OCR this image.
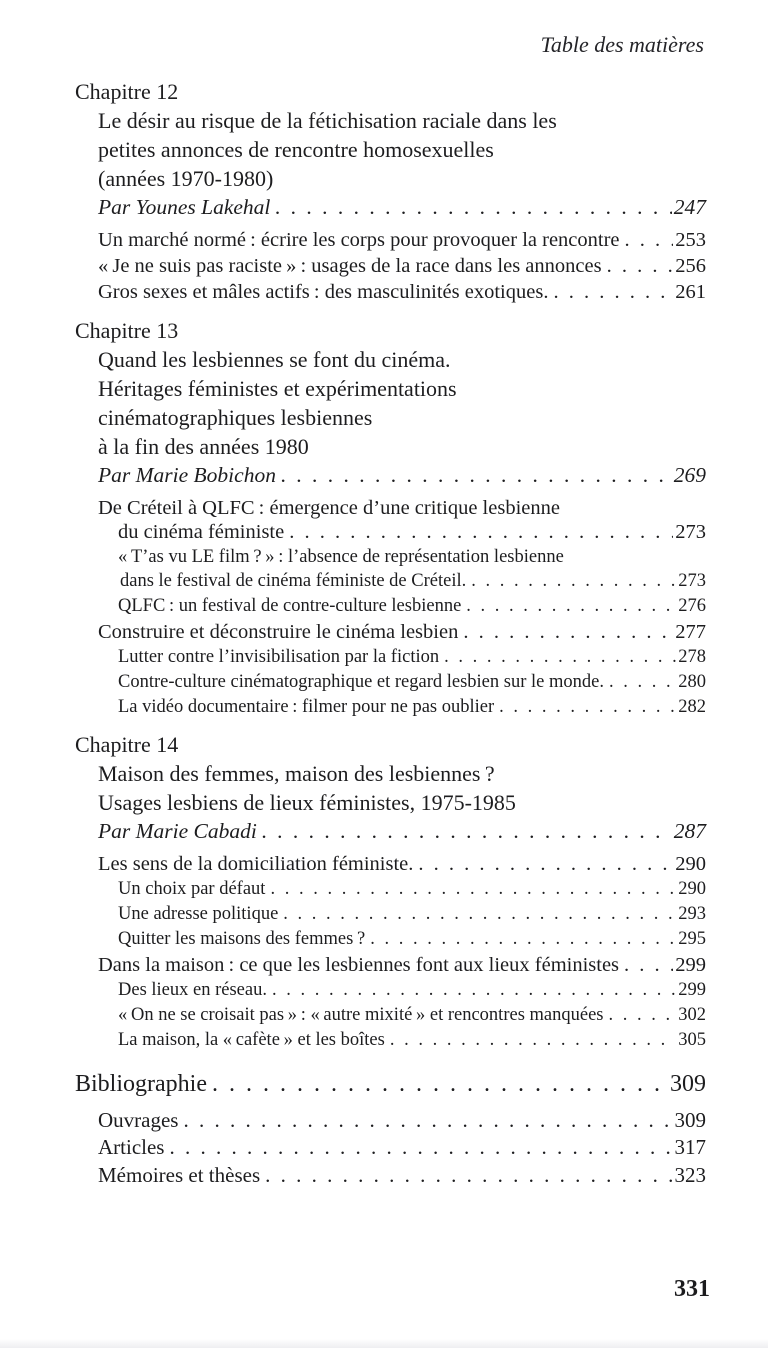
Table des matières
Chapitre 12
Le désir au risque de la fétichisation raciale dans les
petites annonces de rencontre homosexuelles
(années 1970-1980)
Par Younes Lakehal . . .	247
Un marché normé : écrire les corps pour provoquer la rencontre . . .	253
« Je ne suis pas raciste » : usages de la race dans les annonces . . .	256
Gros sexes et mâles actifs : des masculinités exotiques. . . .	261
Chapitre 13
Quand les lesbiennes se font du cinéma.
Héritages féministes et expérimentations
cinématographiques lesbiennes
à la fin des années 1980
Par Marie Bobichon . . .	269
De Créteil à QLFC : émergence d’une critique lesbienne
du cinéma féministe . . .	273
« T’as vu LE film ? » : l’absence de représentation lesbienne
dans le festival de cinéma féministe de Créteil. . . .	273
QLFC : un festival de contre-culture lesbienne . . .	276
Construire et déconstruire le cinéma lesbien . . .	277
Lutter contre l’invisibilisation par la fiction . . .	278
Contre-culture cinématographique et regard lesbien sur le monde. . . .	280
La vidéo documentaire : filmer pour ne pas oublier . . .	282
Chapitre 14
Maison des femmes, maison des lesbiennes ?
Usages lesbiens de lieux féministes, 1975-1985
Par Marie Cabadi . . .	287
Les sens de la domiciliation féministe. . . .	290
Un choix par défaut . . .	290
Une adresse politique . . .	293
Quitter les maisons des femmes ? . . .	295
Dans la maison : ce que les lesbiennes font aux lieux féministes . . .	299
Des lieux en réseau. . . .	299
« On ne se croisait pas » : « autre mixité » et rencontres manquées . . .	302
La maison, la « cafète » et les boîtes . . .	305
Bibliographie . . .	309
Ouvrages . . .	309
Articles . . .	317
Mémoires et thèses . . .	323
331
